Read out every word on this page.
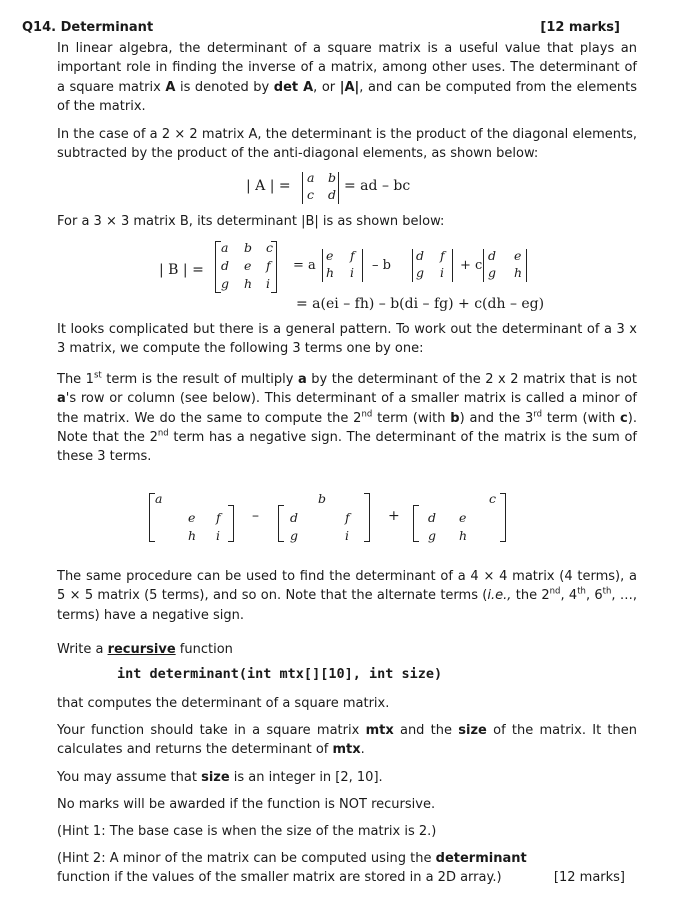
Q14. Determinant	[12 marks]
In linear algebra, the determinant of a square matrix is a useful value that plays an important role in finding the inverse of a matrix, among other uses. The determinant of a square matrix A is denoted by det A, or |A|, and can be computed from the elements of the matrix.
In the case of a 2 × 2 matrix A, the determinant is the product of the diagonal elements, subtracted by the product of the anti-diagonal elements, as shown below:
| A | =
a b
c d
= ad – bc
For a 3 × 3 matrix B, its determinant |B| is as shown below:
| B | =
a b c
d e f
g h i
= a
e f
h i – b
d f
g i + c
d e
g h
= a(ei – fh) – b(di – fg) + c(dh – eg)
It looks complicated but there is a general pattern. To work out the determinant of a 3 x 3 matrix, we compute the following 3 terms one by one:
The 1st term is the result of multiply a by the determinant of the 2 x 2 matrix that is not a's row or column (see below). This determinant of a smaller matrix is called a minor of the matrix. We do the same to compute the 2nd term (with b) and the 3rd term (with c). Note that the 2nd term has a negative sign. The determinant of the matrix is the sum of these 3 terms.
a
e f
h i
–
b
d	f
g	i
+
c
d e
g h
The same procedure can be used to find the determinant of a 4 × 4 matrix (4 terms), a 5 × 5 matrix (5 terms), and so on. Note that the alternate terms (i.e., the 2nd, 4th, 6th, …, terms) have a negative sign.
Write a recursive function
int determinant(int mtx[][10], int size)
that computes the determinant of a square matrix.
Your function should take in a square matrix mtx and the size of the matrix. It then calculates and returns the determinant of mtx.
You may assume that size is an integer in [2, 10].
No marks will be awarded if the function is NOT recursive.
(Hint 1: The base case is when the size of the matrix is 2.)
(Hint 2: A minor of the matrix can be computed using the determinant function if the values of the smaller matrix are stored in a 2D array.)	[12 marks]
